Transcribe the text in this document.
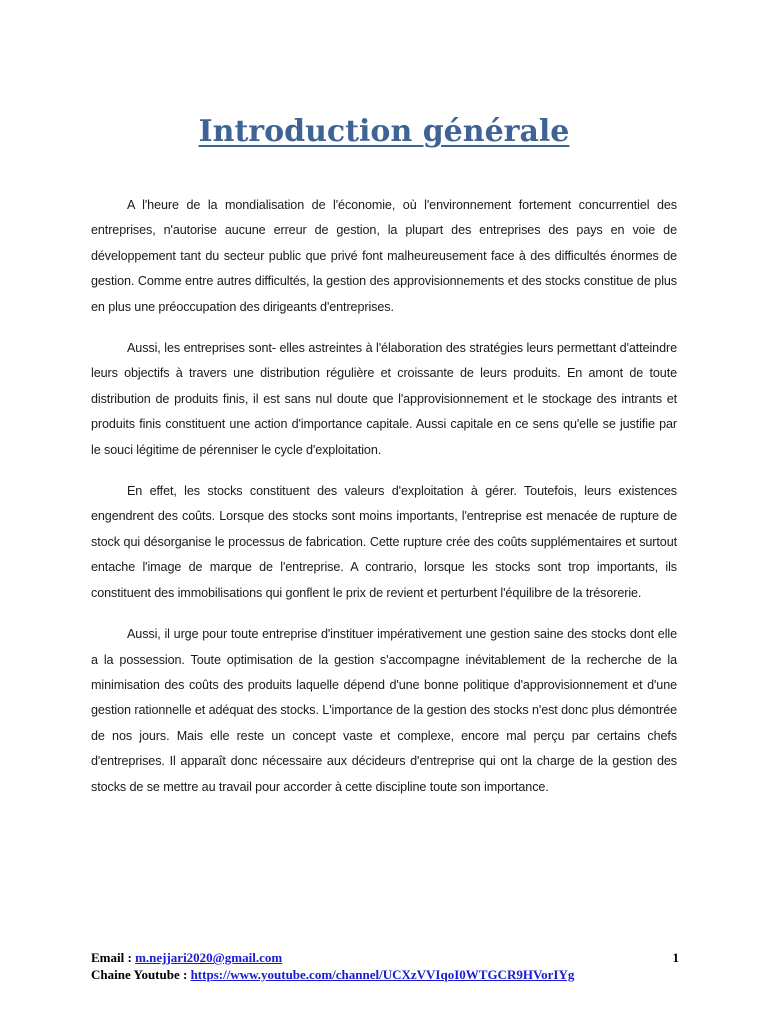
Introduction générale

A l'heure de la mondialisation de l'économie, où l'environnement fortement concurrentiel des entreprises, n'autorise aucune erreur de gestion, la plupart des entreprises des pays en voie de développement tant du secteur public que privé font malheureusement face à des difficultés énormes de gestion. Comme entre autres difficultés, la gestion des approvisionnements et des stocks constitue de plus en plus une préoccupation des dirigeants d'entreprises.

Aussi, les entreprises sont- elles astreintes à l'élaboration des stratégies leurs permettant d'atteindre leurs objectifs à travers une distribution régulière et croissante de leurs produits. En amont de toute distribution de produits finis, il est sans nul doute que l'approvisionnement et le stockage des intrants et produits finis constituent une action d'importance capitale. Aussi capitale en ce sens qu'elle se justifie par le souci légitime de pérenniser le cycle d'exploitation.

En effet, les stocks constituent des valeurs d'exploitation à gérer. Toutefois, leurs existences engendrent des coûts. Lorsque des stocks sont moins importants, l'entreprise est menacée de rupture de stock qui désorganise le processus de fabrication. Cette rupture crée des coûts supplémentaires et surtout entache l'image de marque de l'entreprise. A contrario, lorsque les stocks sont trop importants, ils constituent des immobilisations qui gonflent le prix de revient et perturbent l'équilibre de la trésorerie.

Aussi, il urge pour toute entreprise d'instituer impérativement une gestion saine des stocks dont elle a la possession. Toute optimisation de la gestion s'accompagne inévitablement de la recherche de la minimisation des coûts des produits laquelle dépend d'une bonne politique d'approvisionnement et d'une gestion rationnelle et adéquat des stocks. L'importance de la gestion des stocks n'est donc plus démontrée de nos jours. Mais elle reste un concept vaste et complexe, encore mal perçu par certains chefs d'entreprises. Il apparaît donc nécessaire aux décideurs d'entreprise qui ont la charge de la gestion des stocks de se mettre au travail pour accorder à cette discipline toute son importance.

Email : m.nejjari2020@gmail.com
Chaine Youtube : https://www.youtube.com/channel/UCXzVVIqoI0WTGCR9HVorIYg
1
